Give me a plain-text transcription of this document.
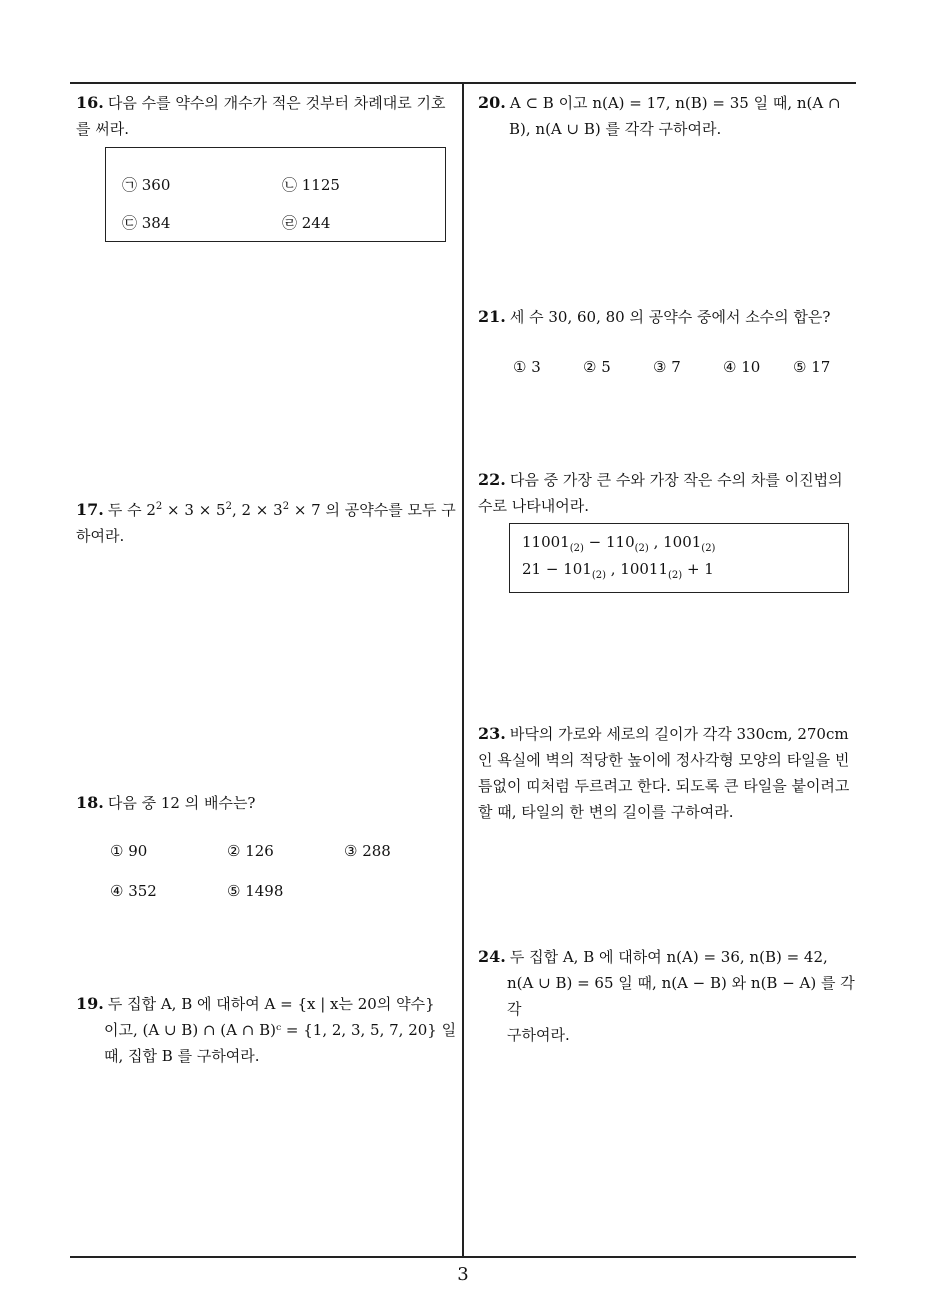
16. 다음 수를 약수의 개수가 적은 것부터 차례대로 기호를 써라.
㉠ 360	㉡ 1125
㉢ 384	㉣ 244
17. 두 수 $2^2 \times 3 \times 5^2$, $2 \times 3^2 \times 7$ 의 공약수를 모두 구하여라.
18. 다음 중 12 의 배수는?
① 90	② 126	③ 288
④ 352	⑤ 1498
19. 두 집합 A, B 에 대하여 A = {x | x는 20의 약수}
이고, (A ∪ B) ∩ (A ∩ B)ᶜ = {1, 2, 3, 5, 7, 20} 일
때, 집합 B 를 구하여라.
20. A ⊂ B 이고 n(A) = 17, n(B) = 35 일 때, n(A ∩
B), n(A ∪ B) 를 각각 구하여라.
21. 세 수 30, 60, 80 의 공약수 중에서 소수의 합은?
① 3	② 5	③ 7	④ 10 ⑤ 17
22. 다음 중 가장 큰 수와 가장 작은 수의 차를 이진법의 수로 나타내어라.
$11001_{(2)} - 110_{(2)}$ , $1001_{(2)}$
$21 - 101_{(2)}$ , $10011_{(2)} + 1$
23. 바닥의 가로와 세로의 길이가 각각 330cm, 270cm 인 욕실에 벽의 적당한 높이에 정사각형 모양의 타일을 빈틈없이 띠처럼 두르려고 한다. 되도록 큰 타일을 붙이려고 할 때, 타일의 한 변의 길이를 구하여라.
24. 두 집합 A, B 에 대하여 n(A) = 36, n(B) = 42,
n(A ∪ B) = 65 일 때, n(A − B) 와 n(B − A) 를 각각
구하여라.
3
